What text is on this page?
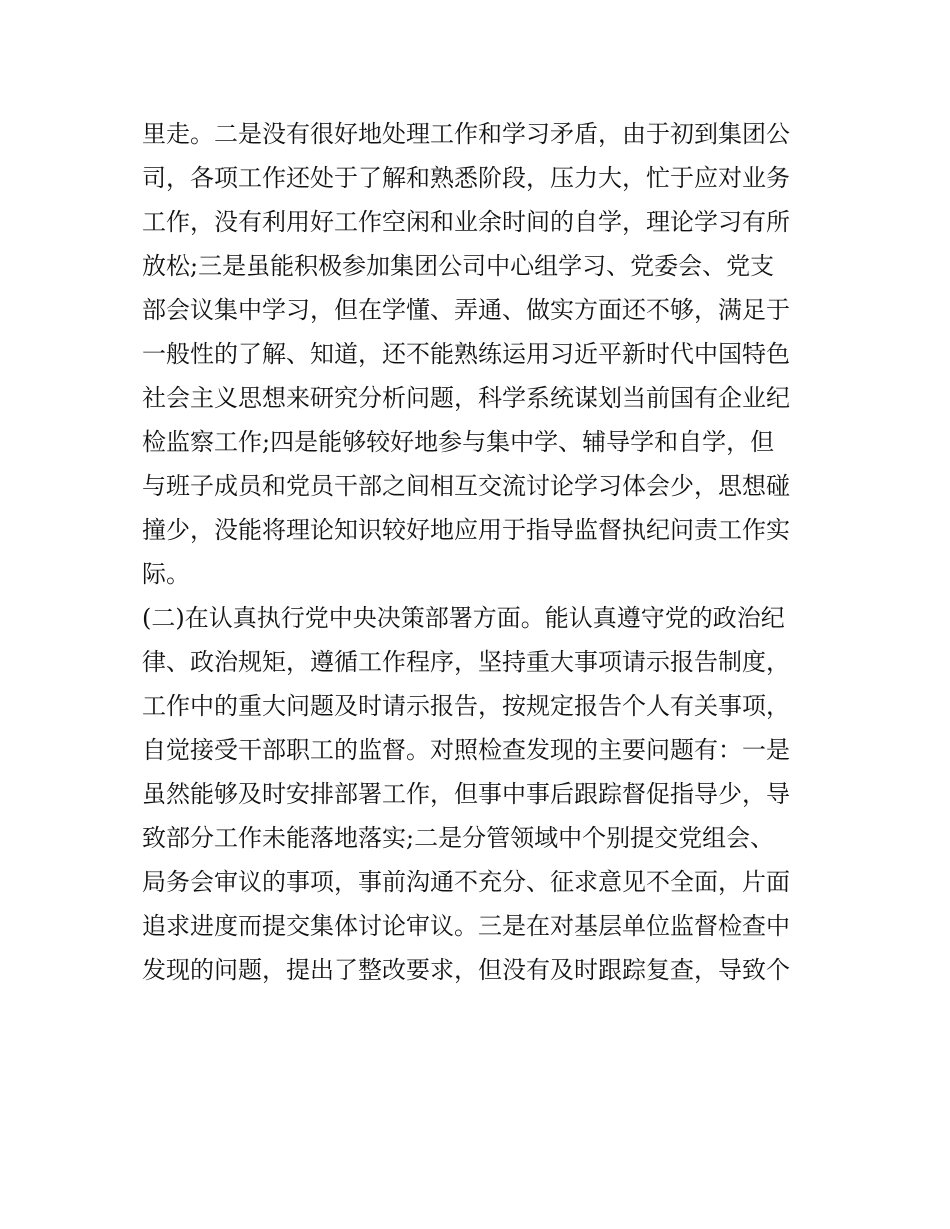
里走。二是没有很好地处理工作和学习矛盾，由于初到集团公
司，各项工作还处于了解和熟悉阶段，压力大，忙于应对业务
工作，没有利用好工作空闲和业余时间的自学，理论学习有所
放松;三是虽能积极参加集团公司中心组学习、党委会、党支
部会议集中学习，但在学懂、弄通、做实方面还不够，满足于
一般性的了解、知道，还不能熟练运用习近平新时代中国特色
社会主义思想来研究分析问题，科学系统谋划当前国有企业纪
检监察工作;四是能够较好地参与集中学、辅导学和自学，但
与班子成员和党员干部之间相互交流讨论学习体会少，思想碰
撞少，没能将理论知识较好地应用于指导监督执纪问责工作实
际。
(二)在认真执行党中央决策部署方面。能认真遵守党的政治纪
律、政治规矩，遵循工作程序，坚持重大事项请示报告制度，
工作中的重大问题及时请示报告，按规定报告个人有关事项，
自觉接受干部职工的监督。对照检查发现的主要问题有：一是
虽然能够及时安排部署工作，但事中事后跟踪督促指导少，导
致部分工作未能落地落实;二是分管领域中个别提交党组会、
局务会审议的事项，事前沟通不充分、征求意见不全面，片面
追求进度而提交集体讨论审议。三是在对基层单位监督检查中
发现的问题，提出了整改要求，但没有及时跟踪复查，导致个
